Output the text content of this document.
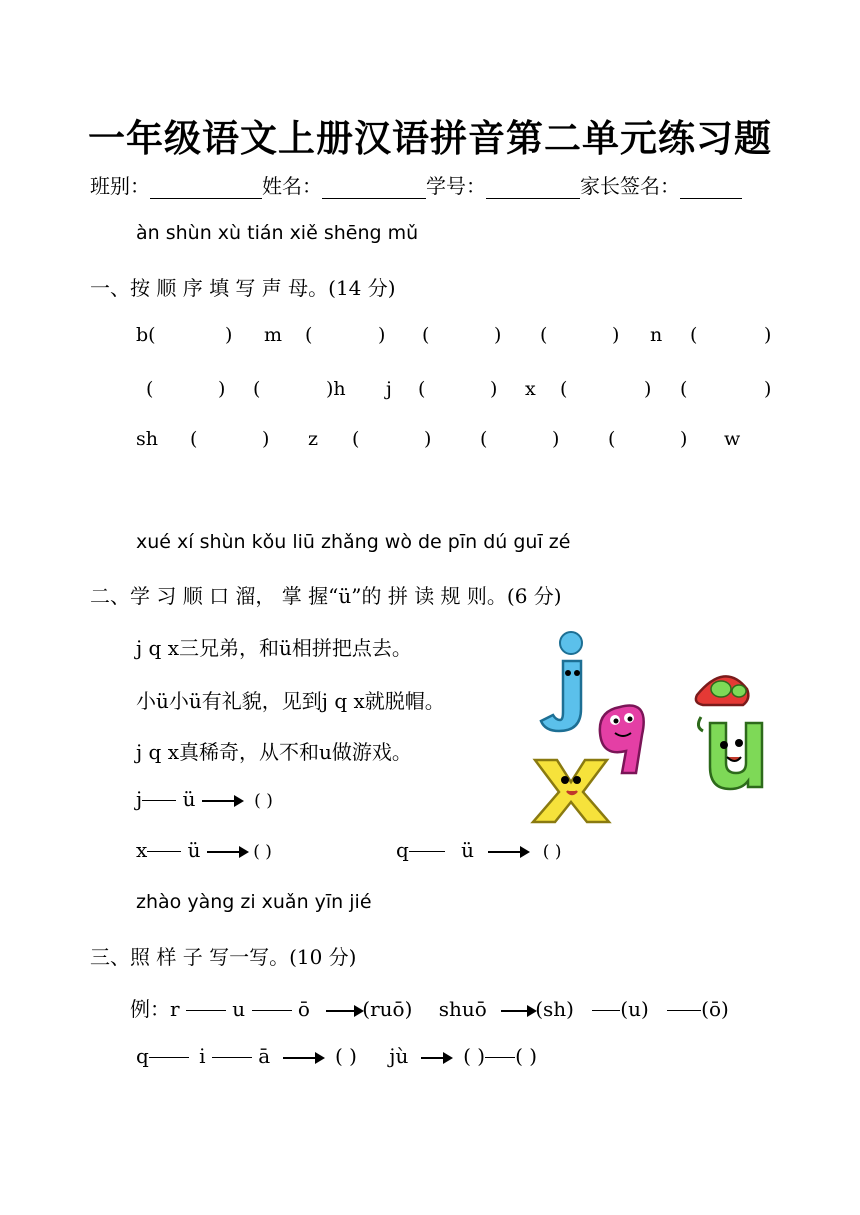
一年级语文上册汉语拼音第二单元练习题
班别：	姓名：	学号：	家长签名：
àn shùn xù tián xiě shēng mǔ
一、按 顺 序 填 写 声 母。(14 分)
b(	) m (	) (	) (	) n (	)
(	) (	)h j (	) x (	) (	)
sh (	) z (	)	(	)	(	) w
xué xí shùn kǒu liū zhǎng wò de pīn dú guī zé
二、学 习 顺 口 溜， 掌 握“ü”的 拼 读 规 则。(6 分)
j q x三兄弟，和ü相拼把点去。
小ü小ü有礼貌，见到j q x就脱帽。
j q x真稀奇，从不和u做游戏。
j ü	( )
x ü	( )	q	ü	( )
zhào yàng zi xuǎn yīn jié
三、照 样 子 写一写。(10 分)
例：r	u	ō	(ruō) shuō (sh) (u)	(ō)
q	i	ā	( ) jù	( ) ( )
